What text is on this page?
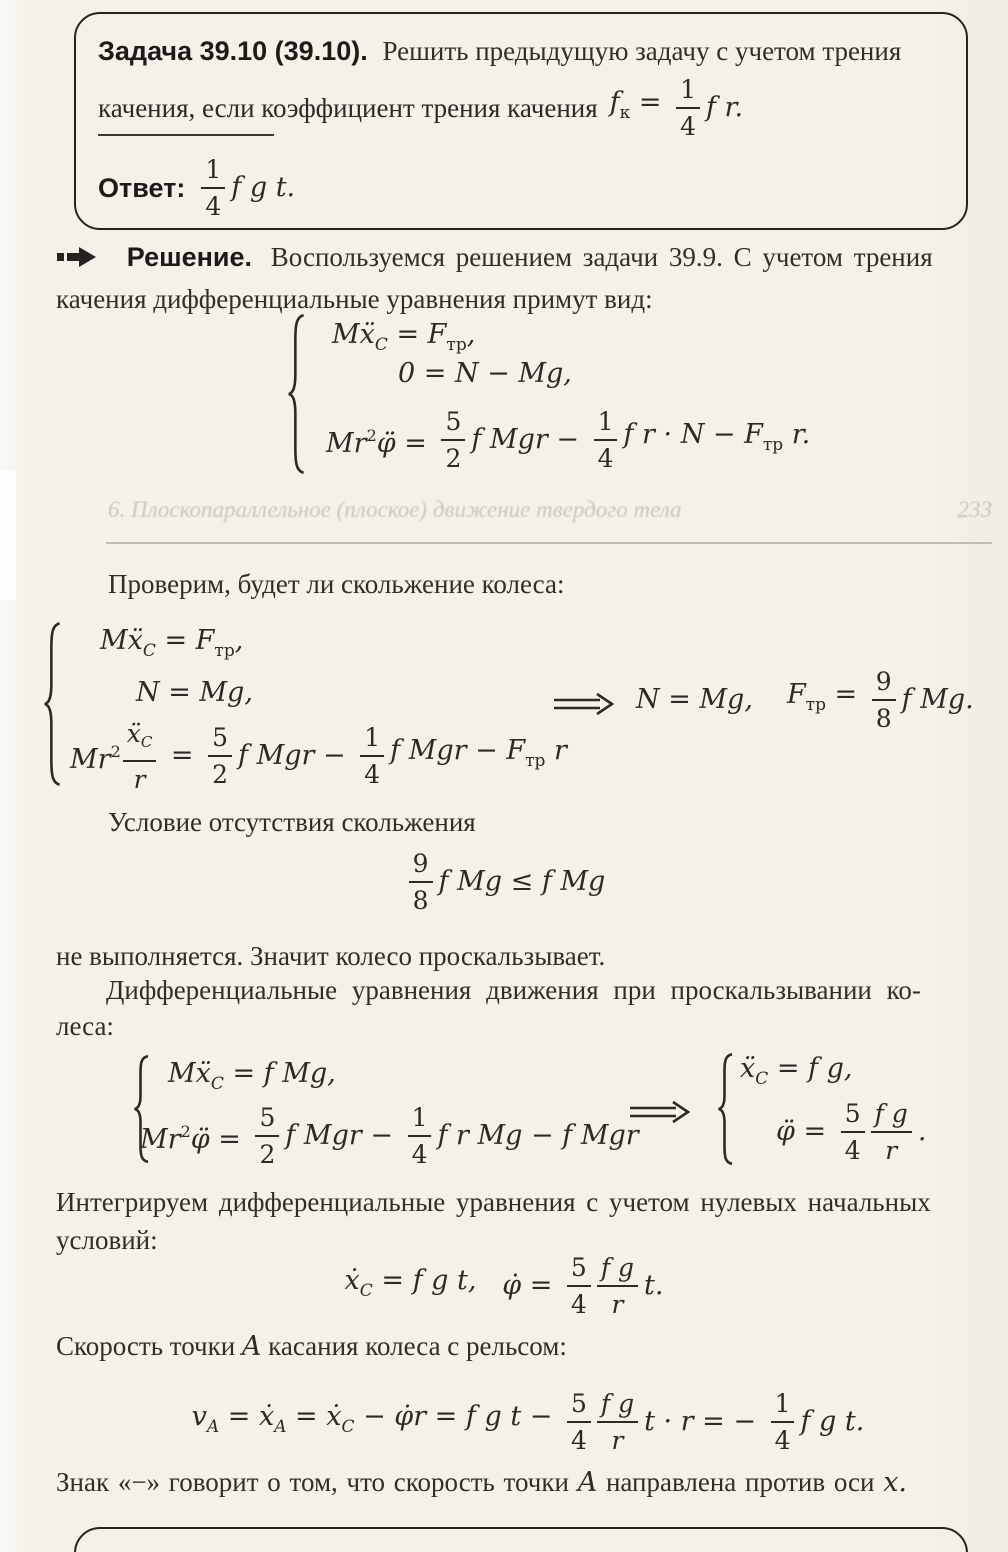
Задача 39.10 (39.10). Решить предыдущую задачу с учетом трения
качения, если коэффициент трения качения $f_к = \frac{1}{4}$ f r.
Ответ: $\frac{1}{4}$ f g t.
Решение. Воспользуемся решением задачи 39.9. С учетом трения
качения дифференциальные уравнения примут вид:
Mẍ$_C$ = $F_{тр}$,
0 = N − Mg,
$Mr^2\varphï = \frac{5}{2}$ f Mgr − $\frac{1}{4}$ f $r \cdot N - F_{тр}$ r.
6. Плоскопараллельное (плоское) движение твердого тела	233
Проверим, будет ли скольжение колеса:
Mẍ$_C$ = $F_{тр}$,
N = Mg,
$Mr^2 \frac{ẍ_C}{r} = \frac{5}{2}$ f Mgr − $\frac{1}{4}$ f Mgr − $F_{тр}$ r
N = Mg, $F_{тр} = \frac{9}{8}$ f Mg.
Условие отсутствия скольжения
$\frac{9}{8}$ f Mg ≤ f Mg
не выполняется. Значит колесо проскальзывает.
Дифференциальные уравнения движения при проскальзывании ко-
леса:
Mẍ$_C$ = f Mg,
$Mr^2\varphï = \frac{5}{2}$ f Mgr − $\frac{1}{4}$ f r Mg − f Mgr
ẍ$_C$ = f g,
φ̈ = $\frac{5}{4} \frac{\text{f g}}{r}$ .
Интегрируем дифференциальные уравнения с учетом нулевых начальных
условий:
ẋ$_C$ = f g t,
φ̇ = $\frac{5}{4} \frac{\text{f g}}{r} t$.
Скорость точки A касания колеса с рельсом:
$v_A$ = ẋ$_A$ = ẋ$_C$ − φ̇r = f g $t - \frac{5}{4} \frac{\text{f g}}{r}$ t · r = − $\frac{1}{4}$ f g t.
Знак «−» говорит о том, что скорость точки A направлена против оси x.
